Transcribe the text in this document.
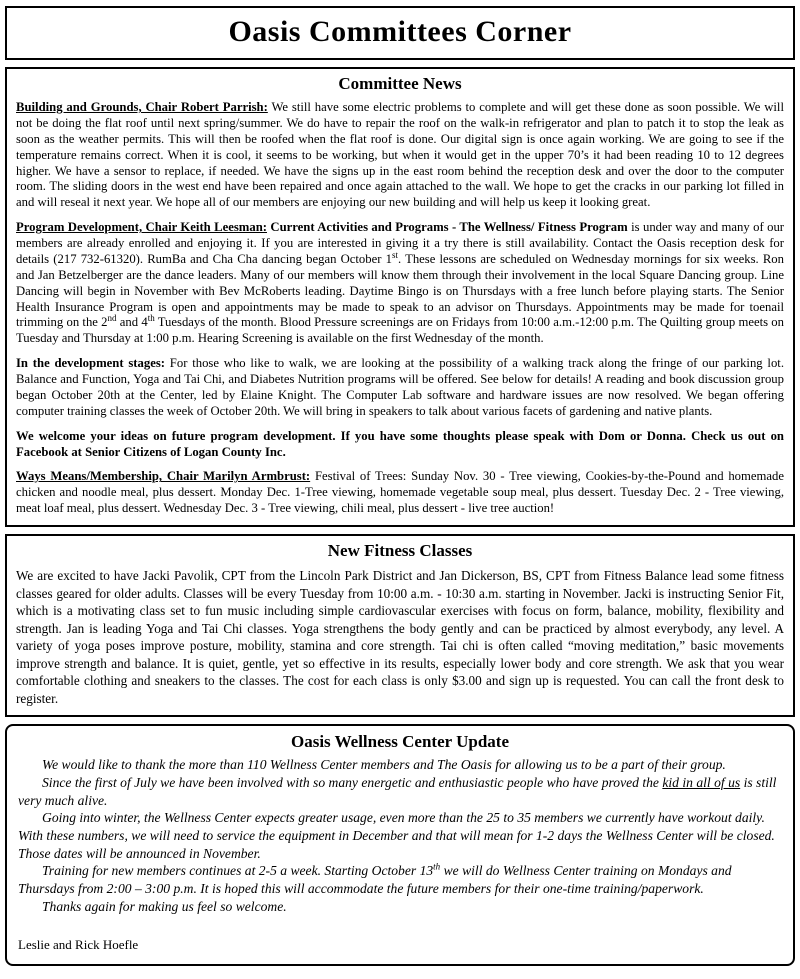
Oasis Committees Corner
Committee News

Building and Grounds, Chair Robert Parrish: We still have some electric problems to complete and will get these done as soon possible. We will not be doing the flat roof until next spring/summer. We do have to repair the roof on the walk-in refrigerator and plan to patch it to stop the leak as soon as the weather permits. This will then be roofed when the flat roof is done. Our digital sign is once again working. We are going to see if the temperature remains correct. When it is cool, it seems to be working, but when it would get in the upper 70’s it had been reading 10 to 12 degrees higher. We have a sensor to replace, if needed. We have the signs up in the east room behind the reception desk and over the door to the computer room. The sliding doors in the west end have been repaired and once again attached to the wall. We hope to get the cracks in our parking lot filled in and will reseal it next year. We hope all of our members are enjoying our new building and will help us keep it looking great.

Program Development, Chair Keith Leesman: Current Activities and Programs - The Wellness/ Fitness Program is under way and many of our members are already enrolled and enjoying it. If you are interested in giving it a try there is still availability. Contact the Oasis reception desk for details (217 732-61320). RumBa and Cha Cha dancing began October 1st. These lessons are scheduled on Wednesday mornings for six weeks. Ron and Jan Betzelberger are the dance leaders. Many of our members will know them through their involvement in the local Square Dancing group. Line Dancing will begin in November with Bev McRoberts leading. Daytime Bingo is on Thursdays with a free lunch before playing starts. The Senior Health Insurance Program is open and appointments may be made to speak to an advisor on Thursdays. Appointments may be made for toenail trimming on the 2nd and 4th Tuesdays of the month. Blood Pressure screenings are on Fridays from 10:00 a.m.-12:00 p.m. The Quilting group meets on Tuesday and Thursday at 1:00 p.m. Hearing Screening is available on the first Wednesday of the month.

In the development stages: For those who like to walk, we are looking at the possibility of a walking track along the fringe of our parking lot. Balance and Function, Yoga and Tai Chi, and Diabetes Nutrition programs will be offered. See below for details! A reading and book discussion group began October 20th at the Center, led by Elaine Knight. The Computer Lab software and hardware issues are now resolved. We began offering computer training classes the week of October 20th. We will bring in speakers to talk about various facets of gardening and native plants.

We welcome your ideas on future program development. If you have some thoughts please speak with Dom or Donna. Check us out on Facebook at Senior Citizens of Logan County Inc.

Ways Means/Membership, Chair Marilyn Armbrust: Festival of Trees: Sunday Nov. 30 - Tree viewing, Cookies-by-the-Pound and homemade chicken and noodle meal, plus dessert. Monday Dec. 1-Tree viewing, homemade vegetable soup meal, plus dessert. Tuesday Dec. 2 - Tree viewing, meat loaf meal, plus dessert. Wednesday Dec. 3 - Tree viewing, chili meal, plus dessert - live tree auction!

New Fitness Classes

We are excited to have Jacki Pavolik, CPT from the Lincoln Park District and Jan Dickerson, BS, CPT from Fitness Balance lead some fitness classes geared for older adults. Classes will be every Tuesday from 10:00 a.m. - 10:30 a.m. starting in November. Jacki is instructing Senior Fit, which is a motivating class set to fun music including simple cardiovascular exercises with focus on form, balance, mobility, flexibility and strength. Jan is leading Yoga and Tai Chi classes. Yoga strengthens the body gently and can be practiced by almost everybody, any level. A variety of yoga poses improve posture, mobility, stamina and core strength. Tai chi is often called “moving meditation,” basic movements improve strength and balance. It is quiet, gentle, yet so effective in its results, especially lower body and core strength. We ask that you wear comfortable clothing and sneakers to the classes. The cost for each class is only $3.00 and sign up is requested. You can call the front desk to register.

Oasis Wellness Center Update

We would like to thank the more than 110 Wellness Center members and The Oasis for allowing us to be a part of their group.

Since the first of July we have been involved with so many energetic and enthusiastic people who have proved the kid in all of us is still very much alive.

Going into winter, the Wellness Center expects greater usage, even more than the 25 to 35 members we currently have workout daily. With these numbers, we will need to service the equipment in December and that will mean for 1-2 days the Wellness Center will be closed. Those dates will be announced in November.

Training for new members continues at 2-5 a week. Starting October 13th we will do Wellness Center training on Mondays and Thursdays from 2:00 – 3:00 p.m. It is hoped this will accommodate the future members for their one-time training/paperwork.

Thanks again for making us feel so welcome.

Leslie and Rick Hoefle
